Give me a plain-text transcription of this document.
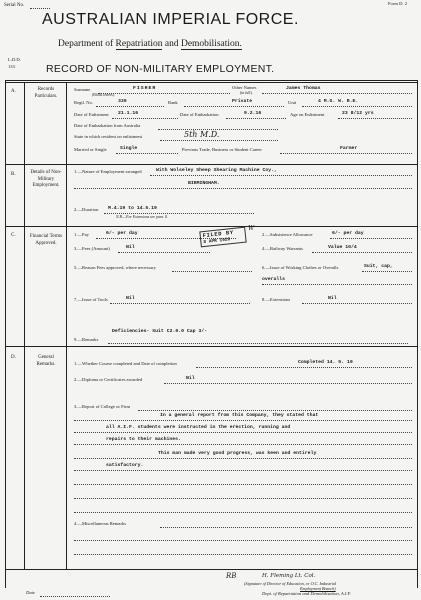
Serial No.	Form D. 2
AUSTRALIAN IMPERIAL FORCE.
Department of Repatriation and Demobilisation.
L.D.D.
133	RECORD OF NON-MILITARY EMPLOYMENT.
A.	Records Particulars.
Surname
(Block letters).
FISHER	Other Names
(in full).
James Thomas
Regtl. No.	330	Rank	Private	Unit	4 M.G. W. R.E.
Date of Enlistment 21.1.16	Date of Embarkation	9.2.16	Age on Enlistment	23 8/12 yrs
Date of Embarkation from Australia
State in which resident on enlistment	5th M.D.
Married or Single	Single	Previous Trade, Business or Student Career	Farmer
B.	Details of Non-Military Employment.
1.—Nature of Employment arranged	With Wolseley Sheep Shearing Machine Coy.,
BIRMINGHAM.
2.—Duration M.4.19 to 14.5.19
N.B.—For Extensions see para. 8.
C.	Financial Terms Approved.
1.—Pay	6/- per day	2.—Subsistence Allowance	6/- per day
3.—Fees (Amount)	Nil	4.—Railway Warrants	Value 10/4
FILED BY
8 APR 1920
W
5.—Reason Fees approved, where necessary	6.—Issue of Working Clothes or Overalls	Suit, cap,
overalls
7.—Issue of Tools	Nil	8.—Extensions	Nil
Deficiencies- Suit C2.0.0 Cap 3/-
9.—Remarks
D.	General Remarks.	1.—Whether Course completed and Date of completion	Completed 14. 5. 10
2.—Diploma or Certificates awarded	Nil
3.—Report of College or Firm
In a general report from this Company, they stated that
all A.I.F. students were instructed in the erection, running and
repairs to their machines.
This man made very good progress, was keen and entirely
satisfactory.
4.—Miscellaneous Remarks
RB	H. Fleming Lt. Col.
(Signature of Director of Education, or O.C. Industrial
Employment Branch)
Dept. of Repatriation and Demobilisation, A.I.F.
Date
